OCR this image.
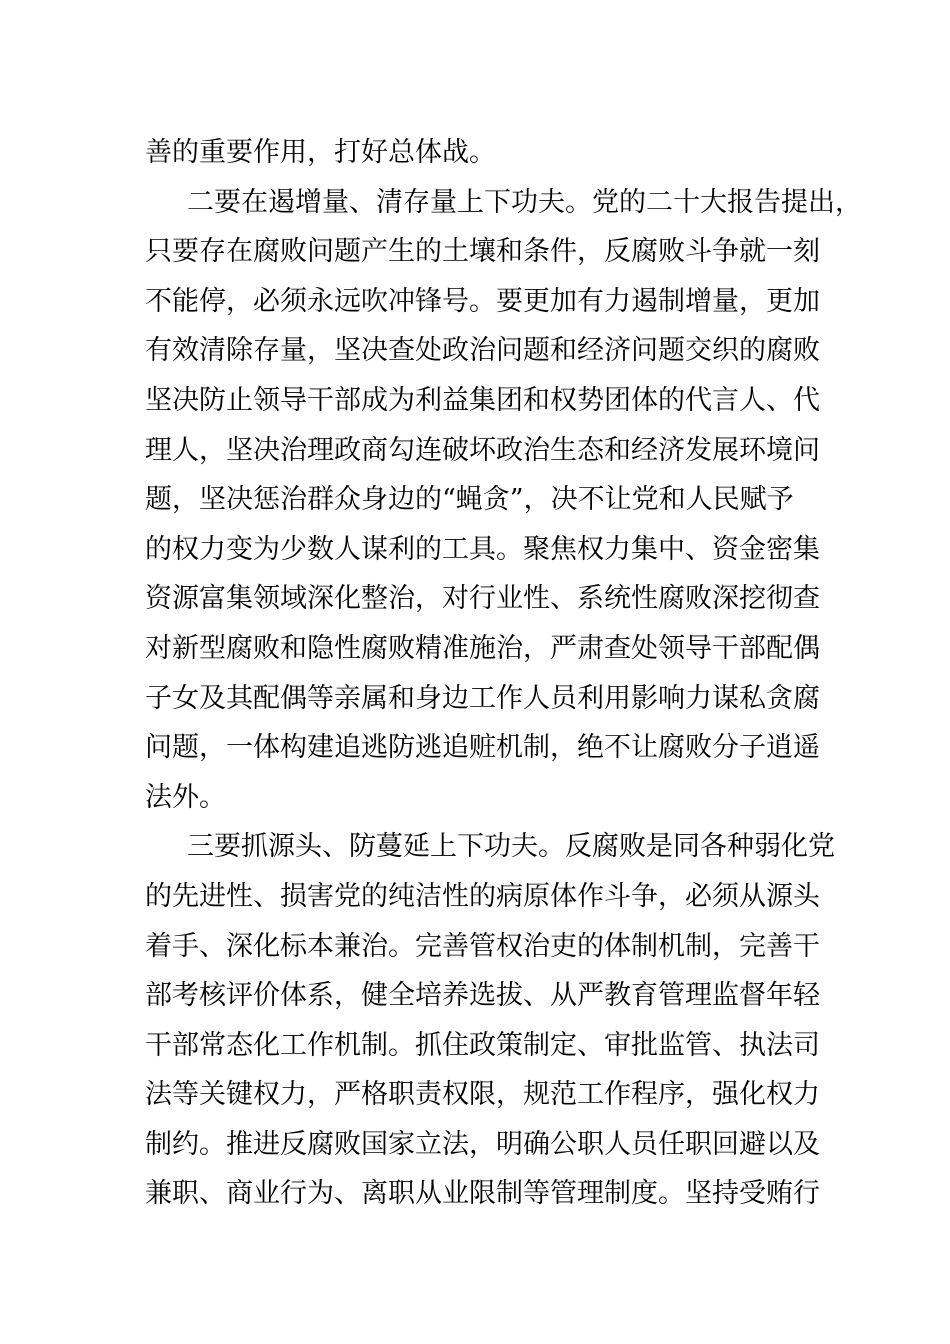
善的重要作用，打好总体战。
二要在遏增量、清存量上下功夫。党的二十大报告提出，
只要存在腐败问题产生的土壤和条件，反腐败斗争就一刻
不能停，必须永远吹冲锋号。要更加有力遏制增量，更加
有效清除存量，坚决查处政治问题和经济问题交织的腐败
坚决防止领导干部成为利益集团和权势团体的代言人、代
理人，坚决治理政商勾连破坏政治生态和经济发展环境问
题，坚决惩治群众身边的“蝇贪”，决不让党和人民赋予
的权力变为少数人谋利的工具。聚焦权力集中、资金密集
资源富集领域深化整治，对行业性、系统性腐败深挖彻查
对新型腐败和隐性腐败精准施治，严肃查处领导干部配偶
子女及其配偶等亲属和身边工作人员利用影响力谋私贪腐
问题，一体构建追逃防逃追赃机制，绝不让腐败分子逍遥
法外。
三要抓源头、防蔓延上下功夫。反腐败是同各种弱化党
的先进性、损害党的纯洁性的病原体作斗争，必须从源头
着手、深化标本兼治。完善管权治吏的体制机制，完善干
部考核评价体系，健全培养选拔、从严教育管理监督年轻
干部常态化工作机制。抓住政策制定、审批监管、执法司
法等关键权力，严格职责权限，规范工作程序，强化权力
制约。推进反腐败国家立法，明确公职人员任职回避以及
兼职、商业行为、离职从业限制等管理制度。坚持受贿行
